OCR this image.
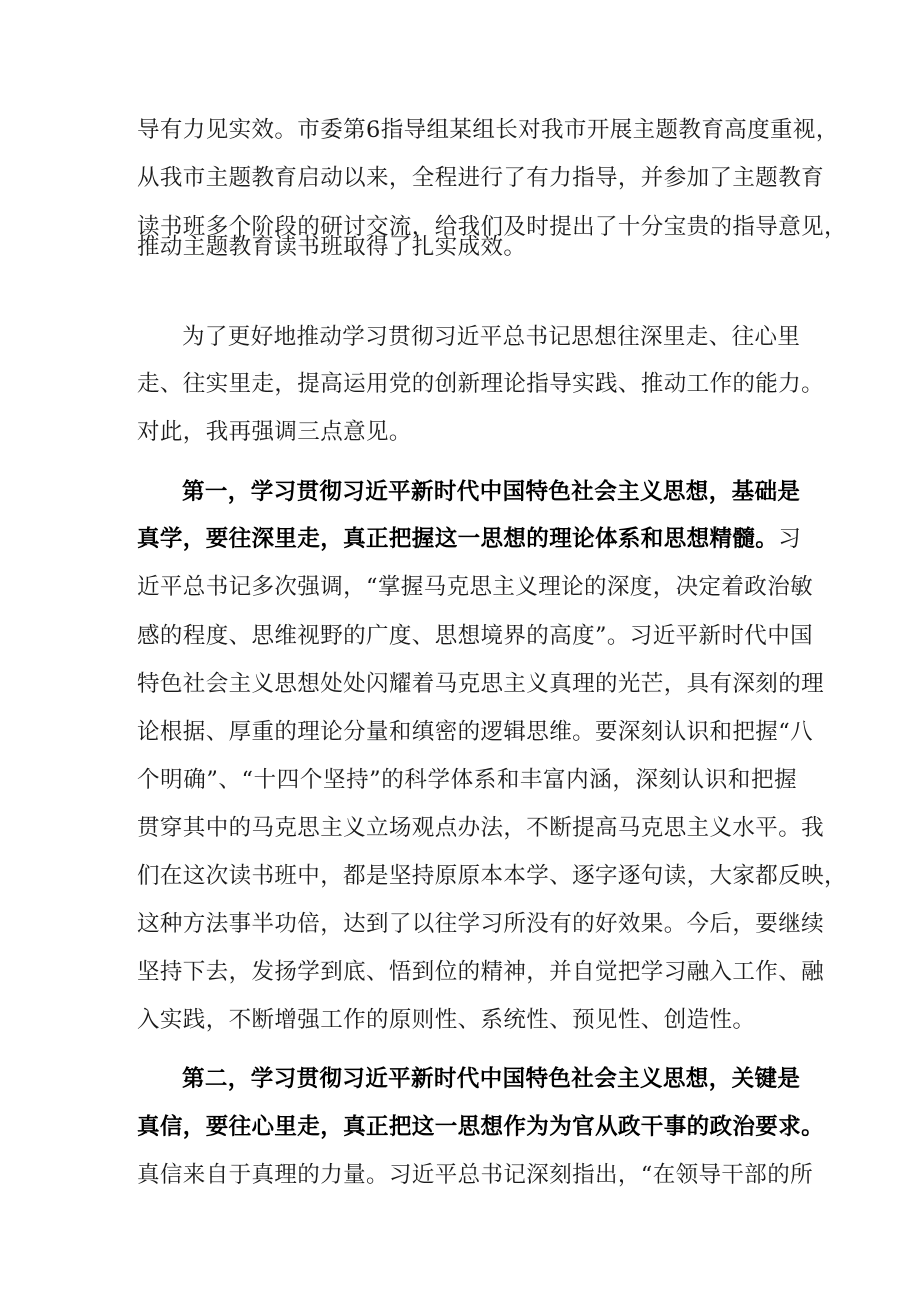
导有力见实效。市委第6指导组某组长对我市开展主题教育高度重视，

从我市主题教育启动以来，全程进行了有力指导，并参加了主题教育

读书班多个阶段的研讨交流，给我们及时提出了十分宝贵的指导意见，

推动主题教育读书班取得了扎实成效。

为了更好地推动学习贯彻习近平总书记思想往深里走、往心里

走、往实里走，提高运用党的创新理论指导实践、推动工作的能力。

对此，我再强调三点意见。

第一，学习贯彻习近平新时代中国特色社会主义思想，基础是

真学，要往深里走，真正把握这一思想的理论体系和思想精髓。习

近平总书记多次强调，“掌握马克思主义理论的深度，决定着政治敏

感的程度、思维视野的广度、思想境界的高度”。习近平新时代中国

特色社会主义思想处处闪耀着马克思主义真理的光芒，具有深刻的理

论根据、厚重的理论分量和缜密的逻辑思维。要深刻认识和把握“八

个明确”、“十四个坚持”的科学体系和丰富内涵，深刻认识和把握

贯穿其中的马克思主义立场观点办法，不断提高马克思主义水平。我

们在这次读书班中，都是坚持原原本本学、逐字逐句读，大家都反映，

这种方法事半功倍，达到了以往学习所没有的好效果。今后，要继续

坚持下去，发扬学到底、悟到位的精神，并自觉把学习融入工作、融

入实践，不断增强工作的原则性、系统性、预见性、创造性。

第二，学习贯彻习近平新时代中国特色社会主义思想，关键是

真信，要往心里走，真正把这一思想作为为官从政干事的政治要求。

真信来自于真理的力量。习近平总书记深刻指出，“在领导干部的所
